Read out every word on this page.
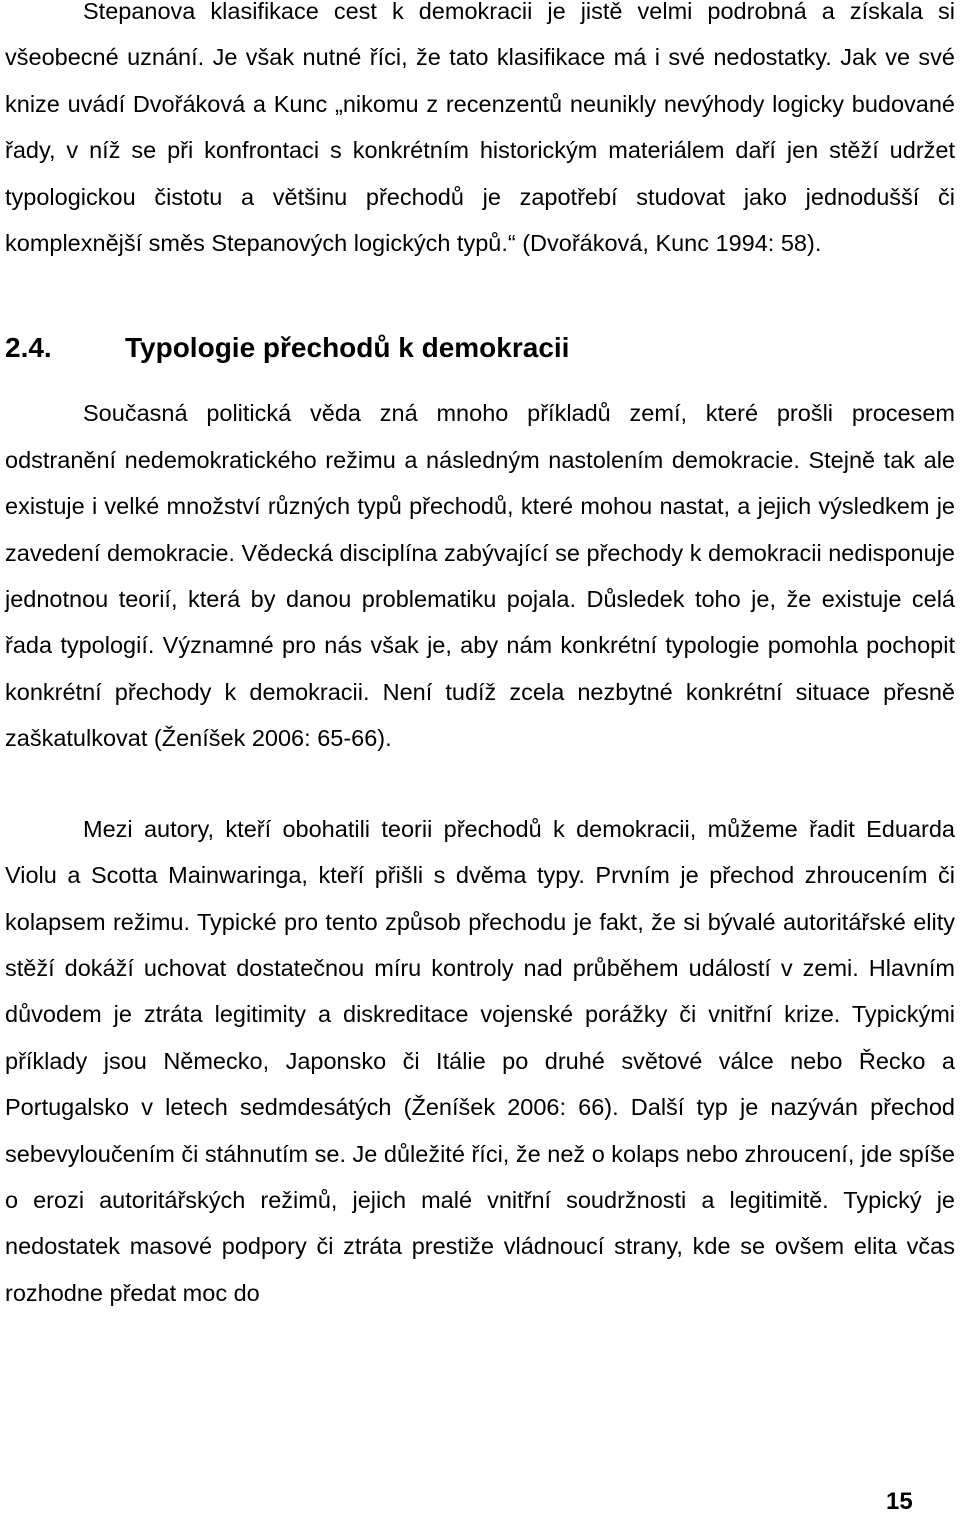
Stepanova klasifikace cest k demokracii je jistě velmi podrobná a získala si všeobecné uznání. Je však nutné říci, že tato klasifikace má i své nedostatky. Jak ve své knize uvádí Dvořáková a Kunc „nikomu z recenzentů neunikly nevýhody logicky budované řady, v níž se při konfrontaci s konkrétním historickým materiálem daří jen stěží udržet typologickou čistotu a většinu přechodů je zapotřebí studovat jako jednodušší či komplexnější směs Stepanových logických typů.“ (Dvořáková, Kunc 1994: 58).

2.4.	Typologie přechodů k demokracii

Současná politická věda zná mnoho příkladů zemí, které prošli procesem odstranění nedemokratického režimu a následným nastolením demokracie. Stejně tak ale existuje i velké množství různých typů přechodů, které mohou nastat, a jejich výsledkem je zavedení demokracie. Vědecká disciplína zabývající se přechody k demokracii nedisponuje jednotnou teorií, která by danou problematiku pojala. Důsledek toho je, že existuje celá řada typologií. Významné pro nás však je, aby nám konkrétní typologie pomohla pochopit konkrétní přechody k demokracii. Není tudíž zcela nezbytné konkrétní situace přesně zaškatulkovat (Ženíšek 2006: 65-66).

Mezi autory, kteří obohatili teorii přechodů k demokracii, můžeme řadit Eduarda Violu a Scotta Mainwaringa, kteří přišli s dvěma typy. Prvním je přechod zhroucením či kolapsem režimu. Typické pro tento způsob přechodu je fakt, že si bývalé autoritářské elity stěží dokáží uchovat dostatečnou míru kontroly nad průběhem událostí v zemi. Hlavním důvodem je ztráta legitimity a diskreditace vojenské porážky či vnitřní krize. Typickými příklady jsou Německo, Japonsko či Itálie po druhé světové válce nebo Řecko a Portugalsko v letech sedmdesátých (Ženíšek 2006: 66). Další typ je nazýván přechod sebevyloučením či stáhnutím se. Je důležité říci, že než o kolaps nebo zhroucení, jde spíše o erozi autoritářských režimů, jejich malé vnitřní soudržnosti a legitimitě. Typický je nedostatek masové podpory či ztráta prestiže vládnoucí strany, kde se ovšem elita včas rozhodne předat moc do

15
